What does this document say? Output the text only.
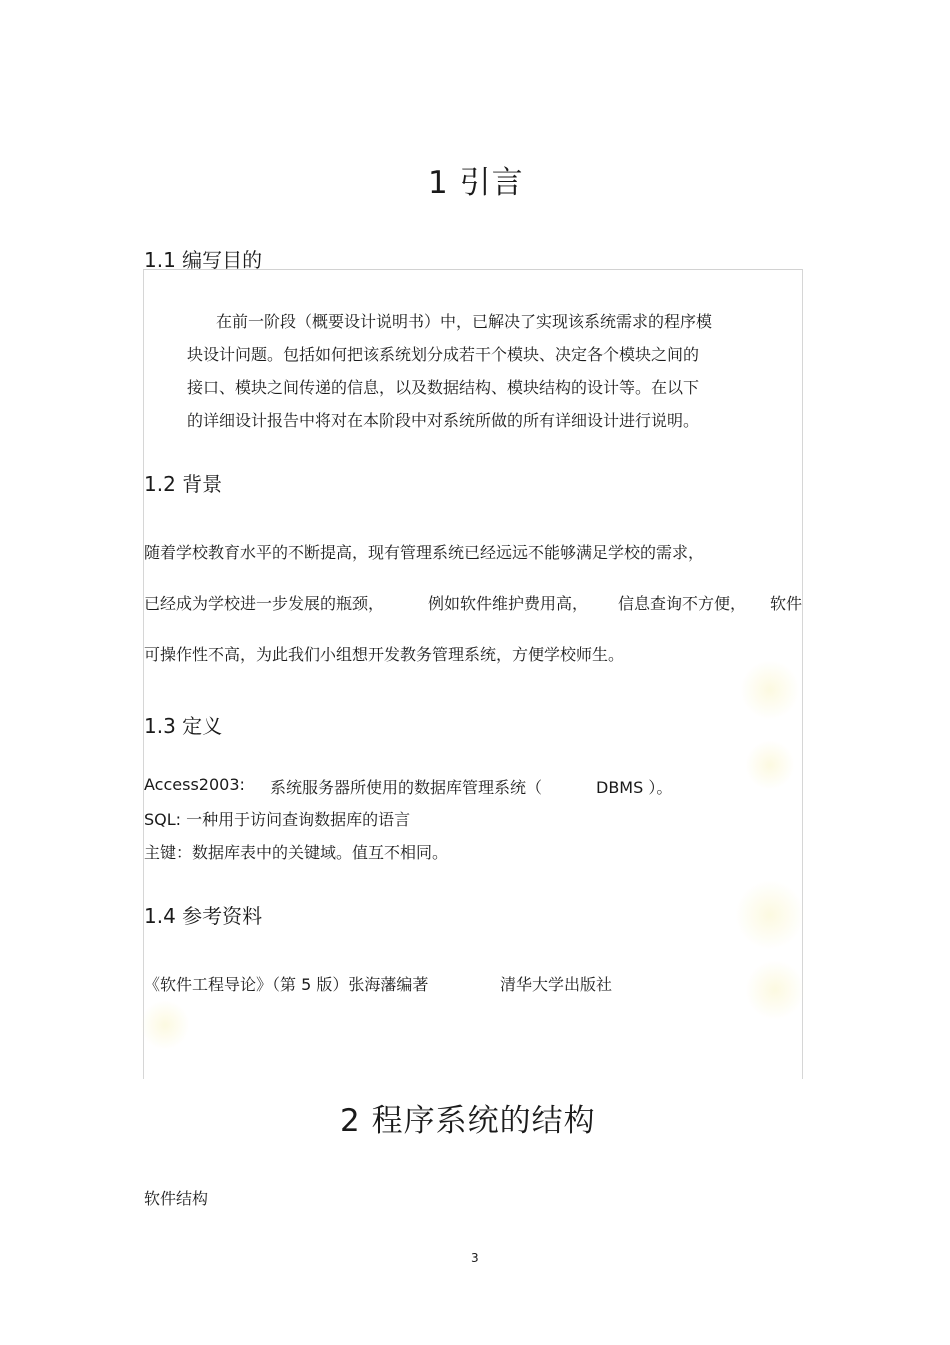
1 引言
1.1 编写目的
在前一阶段（概要设计说明书）中，已解决了实现该系统需求的程序模
块设计问题。包括如何把该系统划分成若干个模块、决定各个模块之间的
接口、模块之间传递的信息，以及数据结构、模块结构的设计等。在以下
的详细设计报告中将对在本阶段中对系统所做的所有详细设计进行说明。
1.2 背景
随着学校教育水平的不断提高，现有管理系统已经远远不能够满足学校的需求，
已经成为学校进一步发展的瓶颈，	例如软件维护费用高， 信息查询不方便， 软件
可操作性不高，为此我们小组想开发教务管理系统，方便学校师生。
1.3 定义
Access2003: 系统服务器所使用的数据库管理系统（	DBMS ）。
SQL: 一种用于访问查询数据库的语言
主键：数据库表中的关键域。值互不相同。
1.4 参考资料
《软件工程导论》（第 5 版）张海藩编著	清华大学出版社
2 程序系统的结构
软件结构
3
